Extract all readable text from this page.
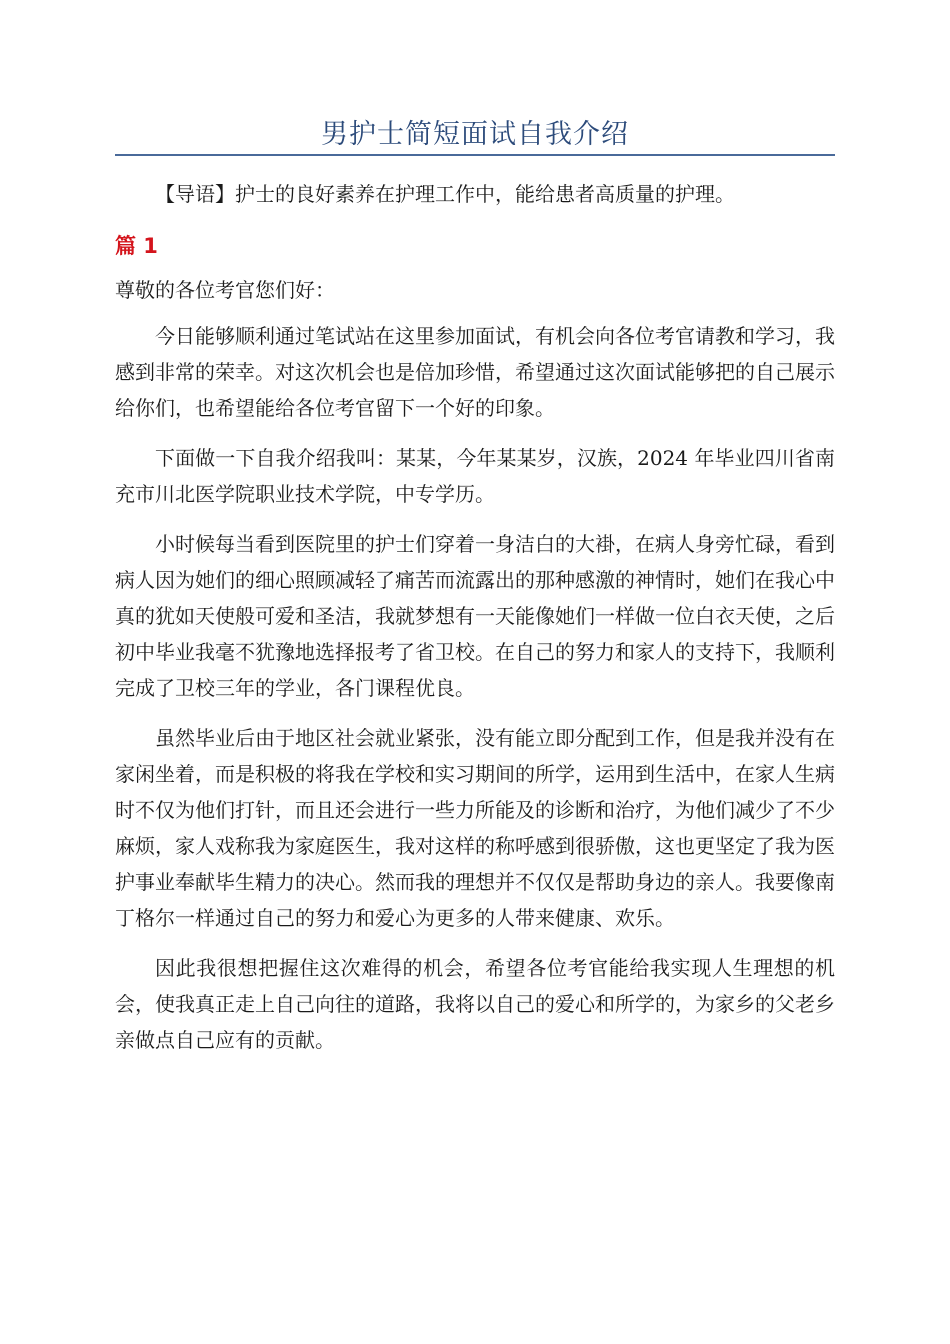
男护士简短面试自我介绍

【导语】护士的良好素养在护理工作中，能给患者高质量的护理。

篇 1

尊敬的各位考官您们好：

今日能够顺利通过笔试站在这里参加面试，有机会向各位考官请教和学习，我感到非常的荣幸。对这次机会也是倍加珍惜，希望通过这次面试能够把的自己展示给你们，也希望能给各位考官留下一个好的印象。

下面做一下自我介绍我叫：某某，今年某某岁，汉族，2024 年毕业四川省南充市川北医学院职业技术学院，中专学历。

小时候每当看到医院里的护士们穿着一身洁白的大褂，在病人身旁忙碌，看到病人因为她们的细心照顾减轻了痛苦而流露出的那种感激的神情时，她们在我心中真的犹如天使般可爱和圣洁，我就梦想有一天能像她们一样做一位白衣天使，之后初中毕业我毫不犹豫地选择报考了省卫校。在自己的努力和家人的支持下，我顺利完成了卫校三年的学业，各门课程优良。

虽然毕业后由于地区社会就业紧张，没有能立即分配到工作，但是我并没有在家闲坐着，而是积极的将我在学校和实习期间的所学，运用到生活中，在家人生病时不仅为他们打针，而且还会进行一些力所能及的诊断和治疗，为他们减少了不少麻烦，家人戏称我为家庭医生，我对这样的称呼感到很骄傲，这也更坚定了我为医护事业奉献毕生精力的决心。然而我的理想并不仅仅是帮助身边的亲人。我要像南丁格尔一样通过自己的努力和爱心为更多的人带来健康、欢乐。

因此我很想把握住这次难得的机会，希望各位考官能给我实现人生理想的机会，使我真正走上自己向往的道路，我将以自己的爱心和所学的，为家乡的父老乡亲做点自己应有的贡献。
